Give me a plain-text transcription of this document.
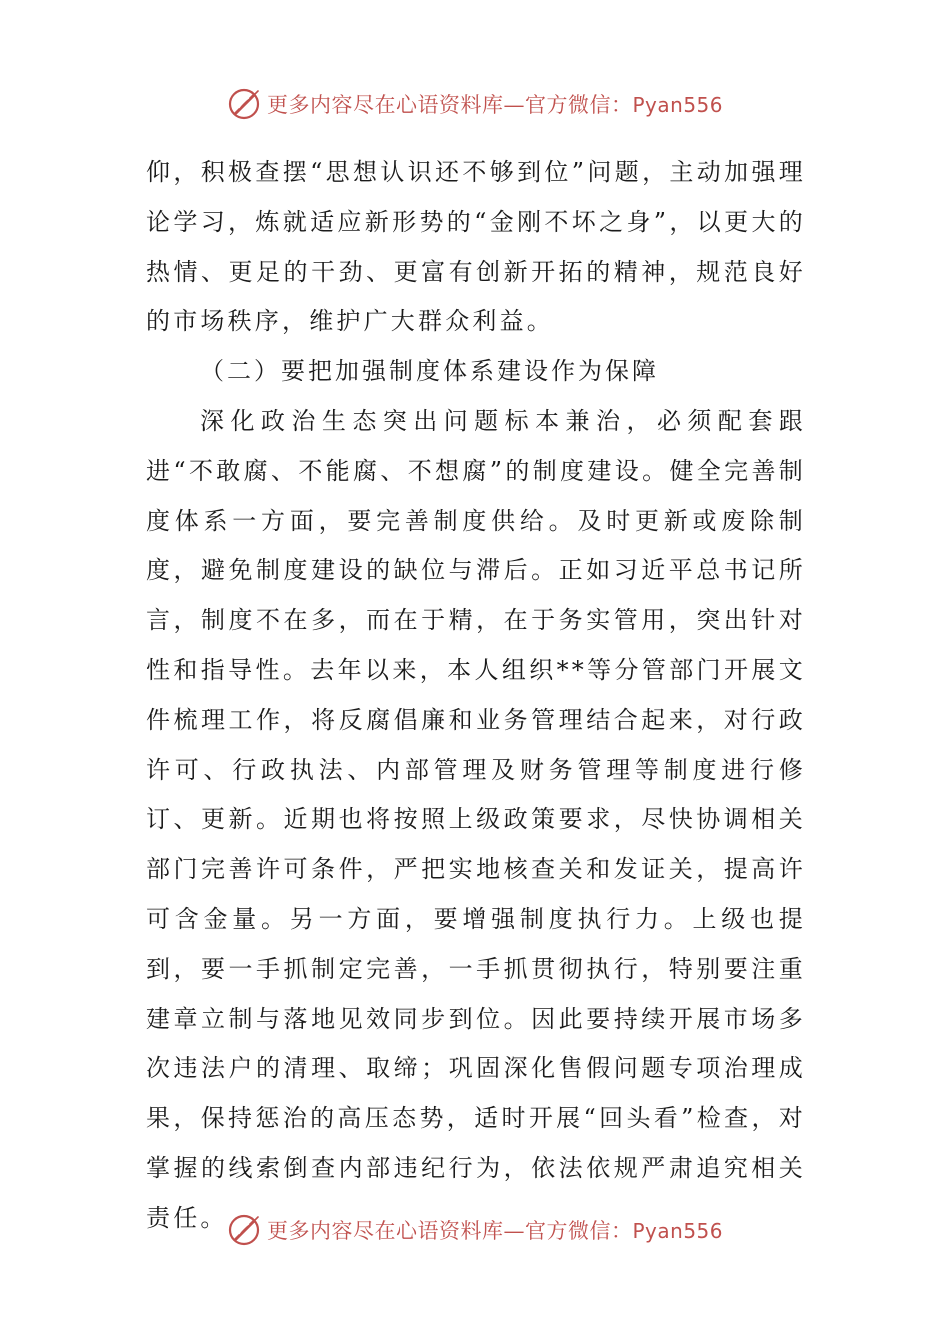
更多内容尽在心语资料库—官方微信：Pyan556

仰，积极查摆“思想认识还不够到位”问题，主动加强理论学习，炼就适应新形势的“金刚不坏之身”，以更大的热情、更足的干劲、更富有创新开拓的精神，规范良好的市场秩序，维护广大群众利益。

（二）要把加强制度体系建设作为保障

深化政治生态突出问题标本兼治，必须配套跟进“不敢腐、不能腐、不想腐”的制度建设。健全完善制度体系一方面，要完善制度供给。及时更新或废除制度，避免制度建设的缺位与滞后。正如习近平总书记所言，制度不在多，而在于精，在于务实管用，突出针对性和指导性。去年以来，本人组织**等分管部门开展文件梳理工作，将反腐倡廉和业务管理结合起来，对行政许可、行政执法、内部管理及财务管理等制度进行修订、更新。近期也将按照上级政策要求，尽快协调相关部门完善许可条件，严把实地核查关和发证关，提高许可含金量。另一方面，要增强制度执行力。上级也提到，要一手抓制定完善，一手抓贯彻执行，特别要注重建章立制与落地见效同步到位。因此要持续开展市场多次违法户的清理、取缔；巩固深化售假问题专项治理成果，保持惩治的高压态势，适时开展“回头看”检查，对掌握的线索倒查内部违纪行为，依法依规严肃追究相关责任。	更多内容尽在心语资料库—官方微信：Pyan556
